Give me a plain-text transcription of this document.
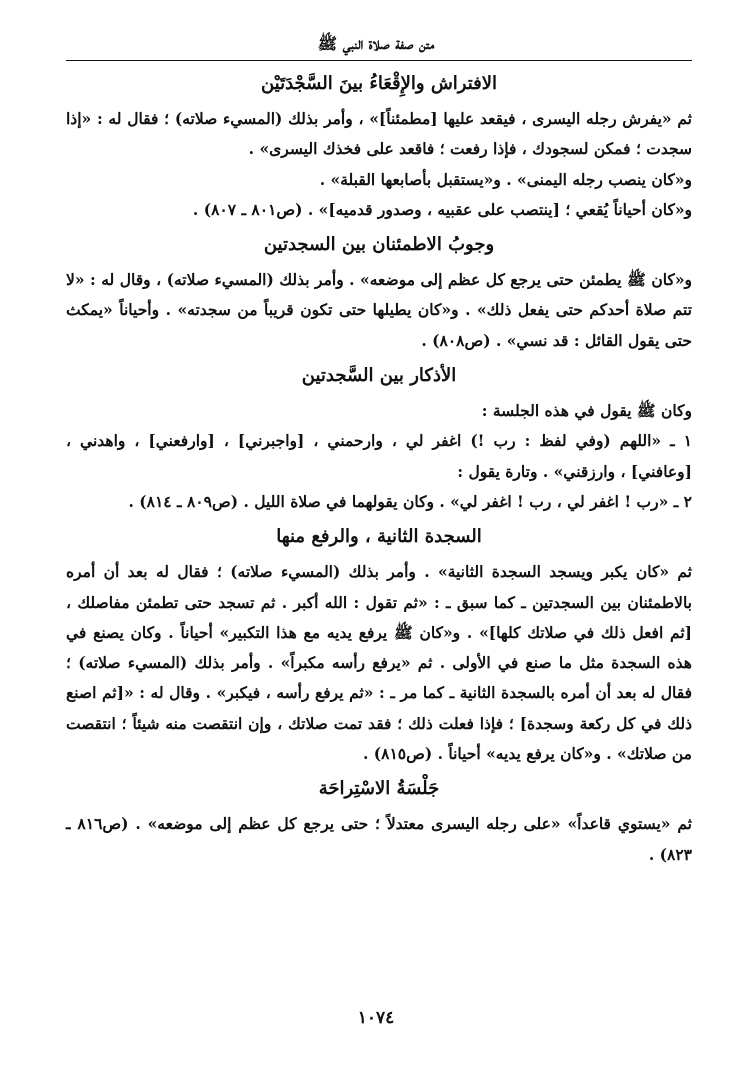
متن صفة صلاة النبي ﷺ
الافتراش والإِقْعَاءُ بينَ السَّجْدَتَيْن

ثم «يفرش رجله اليسرى ، فيقعد عليها [مطمئناً]» ، وأمر بذلك (المسيء صلاته) ؛ فقال له : «إذا سجدت ؛ فمكن لسجودك ، فإذا رفعت ؛ فاقعد على فخذك اليسرى» .

و«كان ينصب رجله اليمنى» . و«يستقبل بأصابعها القبلة» .

و«كان أحياناً يُقعي ؛ [ينتصب على عقبيه ، وصدور قدميه]» . (ص٨٠١ ـ ٨٠٧) .

وجوبُ الاطمئنان بين السجدتين

و«كان ﷺ يطمئن حتى يرجع كل عظم إلى موضعه» . وأمر بذلك (المسيء صلاته) ، وقال له : «لا تتم صلاة أحدكم حتى يفعل ذلك» . و«كان يطيلها حتى تكون قريباً من سجدته» . وأحياناً «يمكث حتى يقول القائل : قد نسي» . (ص٨٠٨) .

الأذكار بين السَّجدتين

وكان ﷺ يقول في هذه الجلسة :

١ ـ «اللهم (وفي لفظ : رب !) اغفر لي ، وارحمني ، [واجبرني] ، [وارفعني] ، واهدني ، [وعافني] ، وارزقني» . وتارة يقول :

٢ ـ «رب ! اغفر لي ، رب ! اغفر لي» . وكان يقولهما في صلاة الليل . (ص٨٠٩ ـ ٨١٤) .

السجدة الثانية ، والرفع منها

ثم «كان يكبر ويسجد السجدة الثانية» . وأمر بذلك (المسيء صلاته) ؛ فقال له بعد أن أمره بالاطمئنان بين السجدتين ـ كما سبق ـ : «ثم تقول : الله أكبر . ثم تسجد حتى تطمئن مفاصلك ، [ثم افعل ذلك في صلاتك كلها]» . و«كان ﷺ يرفع يديه مع هذا التكبير» أحياناً . وكان يصنع في هذه السجدة مثل ما صنع في الأولى . ثم «يرفع رأسه مكبراً» . وأمر بذلك (المسيء صلاته) ؛ فقال له بعد أن أمره بالسجدة الثانية ـ كما مر ـ : «ثم يرفع رأسه ، فيكبر» . وقال له : «[ثم اصنع ذلك في كل ركعة وسجدة] ؛ فإذا فعلت ذلك ؛ فقد تمت صلاتك ، وإن انتقصت منه شيئاً ؛ انتقصت من صلاتك» . و«كان يرفع يديه» أحياناً . (ص٨١٥) .

جَلْسَةُ الاسْتِراحَة

ثم «يستوي قاعداً» «على رجله اليسرى معتدلاً ؛ حتى يرجع كل عظم إلى موضعه» . (ص٨١٦ ـ ٨٢٣) .

١٠٧٤
